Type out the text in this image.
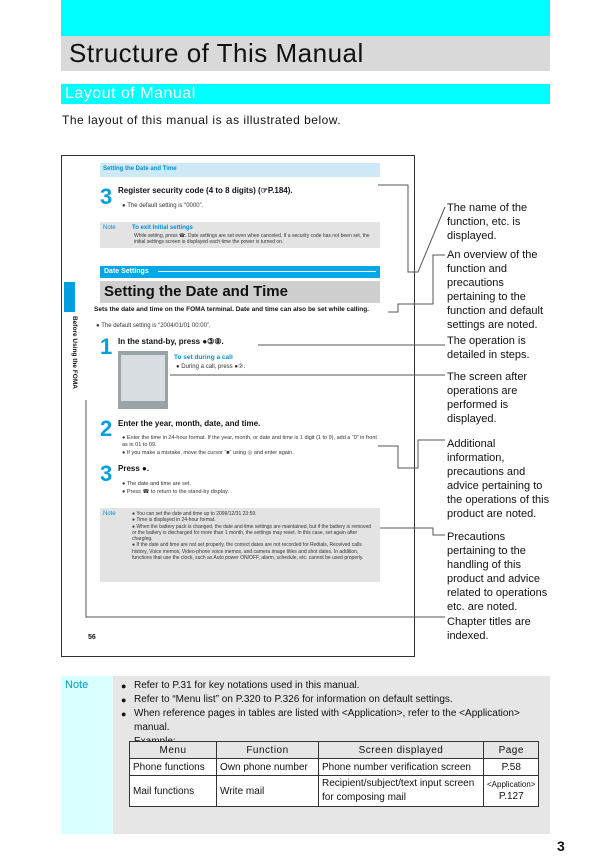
Structure of This Manual
Layout of Manual
The layout of this manual is as illustrated below.
Setting the Date and Time
3 Register security code (4 to 8 digits) (☞P.184).
● The default setting is “0000”.
Note	To exit Initial settings
While setting, press ☎. Date settings are set even when canceled. If a security code has not been set, the initial settings screen is displayed each time the power is turned on.
Date Settings
Setting the Date and Time
Sets the date and time on the FOMA terminal. Date and time can also be set while calling.
● The default setting is “2004/01/01 00:00”.
Before Using the FOMA 1 In the stand-by, press ●③⑧.
To set during a call
● During a call, press ●②.
2 Enter the year, month, date, and time.
● Enter the time in 24-hour format. If the year, month, or date and time is 1 digit (1 to 9), add a “0” in front as in 01 to 09.
● If you make a mistake, move the cursor “■” using ◎ and enter again.
3 Press ●.
● The date and time are set.
● Press ☎ to return to the stand-by display.
Note	● You can set the date and time up to 2099/12/31 23:59.
● Time is displayed in 24-hour format.
● When the battery pack is changed, the date and time settings are maintained, but if the battery is removed or the battery is discharged for more than 1 month, the settings may reset. In this case, set again after charging.
● If the date and time are not set properly, the correct dates are not recorded for Redials, Received calls history, Voice memos, Video-phone voice memos, and camera image titles and shot dates. In addition, functions that use the clock, such as Auto power ON/OFF, alarm, schedule, etc. cannot be used properly.
56
The name of the function, etc. is displayed.
An overview of the function and precautions pertaining to the function and default settings are noted.
The operation is detailed in steps.
The screen after operations are performed is displayed.
Additional information, precautions and advice pertaining to the operations of this product are noted.
Precautions pertaining to the handling of this product and advice related to operations etc. are noted.
Chapter titles are indexed.
Note	● Refer to P.31 for key notations used in this manual.
● Refer to “Menu list” on P.320 to P.326 for information on default settings.
● When reference pages in tables are listed with <Application>, refer to the <Application> manual.
Menu	Function	Screen displayed	Page
Phone functions	Own phone number	Phone number verification screen	P.58
Mail functions	Write mail	Recipient/subject/text input screen for composing mail	<Application>
P.127
3
